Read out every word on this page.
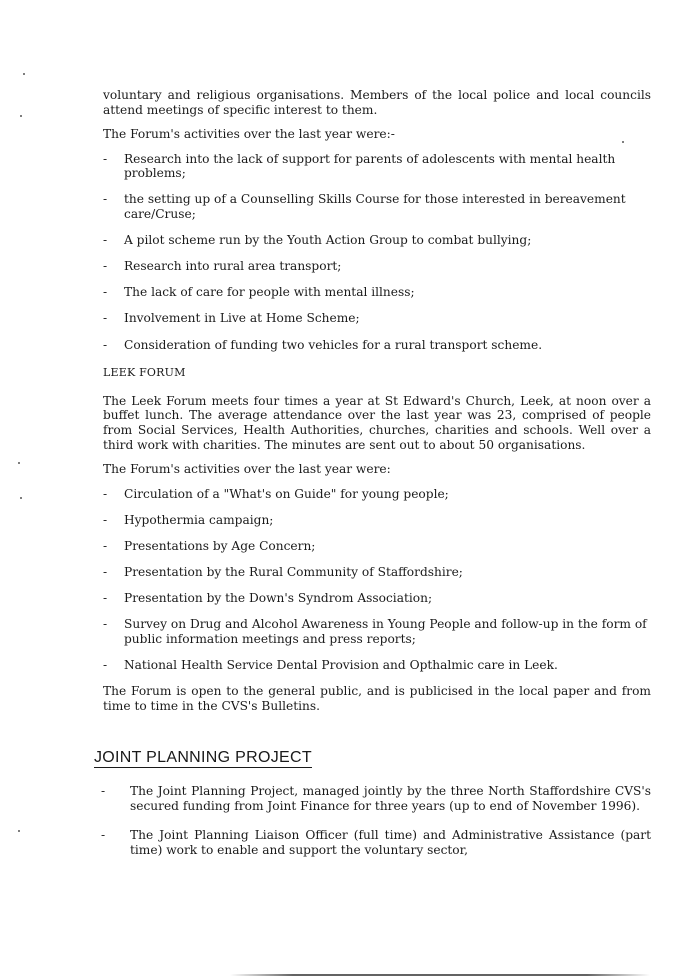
voluntary and religious organisations. Members of the local police and local councils attend meetings of specific interest to them.

The Forum's activities over the last year were:-

- Research into the lack of support for parents of adolescents with mental health problems;
- the setting up of a Counselling Skills Course for those interested in bereavement care/Cruse;
- A pilot scheme run by the Youth Action Group to combat bullying;
- Research into rural area transport;
- The lack of care for people with mental illness;
- Involvement in Live at Home Scheme;
- Consideration of funding two vehicles for a rural transport scheme.
LEEK FORUM

The Leek Forum meets four times a year at St Edward's Church, Leek, at noon over a buffet lunch. The average attendance over the last year was 23, comprised of people from Social Services, Health Authorities, churches, charities and schools. Well over a third work with charities. The minutes are sent out to about 50 organisations.

The Forum's activities over the last year were:

- Circulation of a "What's on Guide" for young people;
- Hypothermia campaign;
- Presentations by Age Concern;
- Presentation by the Rural Community of Staffordshire;
- Presentation by the Down's Syndrom Association;
- Survey on Drug and Alcohol Awareness in Young People and follow-up in the form of public information meetings and press reports;
- National Health Service Dental Provision and Opthalmic care in Leek.

The Forum is open to the general public, and is publicised in the local paper and from time to time in the CVS's Bulletins.

JOINT PLANNING PROJECT
- The Joint Planning Project, managed jointly by the three North Staffordshire CVS's secured funding from Joint Finance for three years (up to end of November 1996).
- The Joint Planning Liaison Officer (full time) and Administrative Assistance (part time) work to enable and support the voluntary sector,
